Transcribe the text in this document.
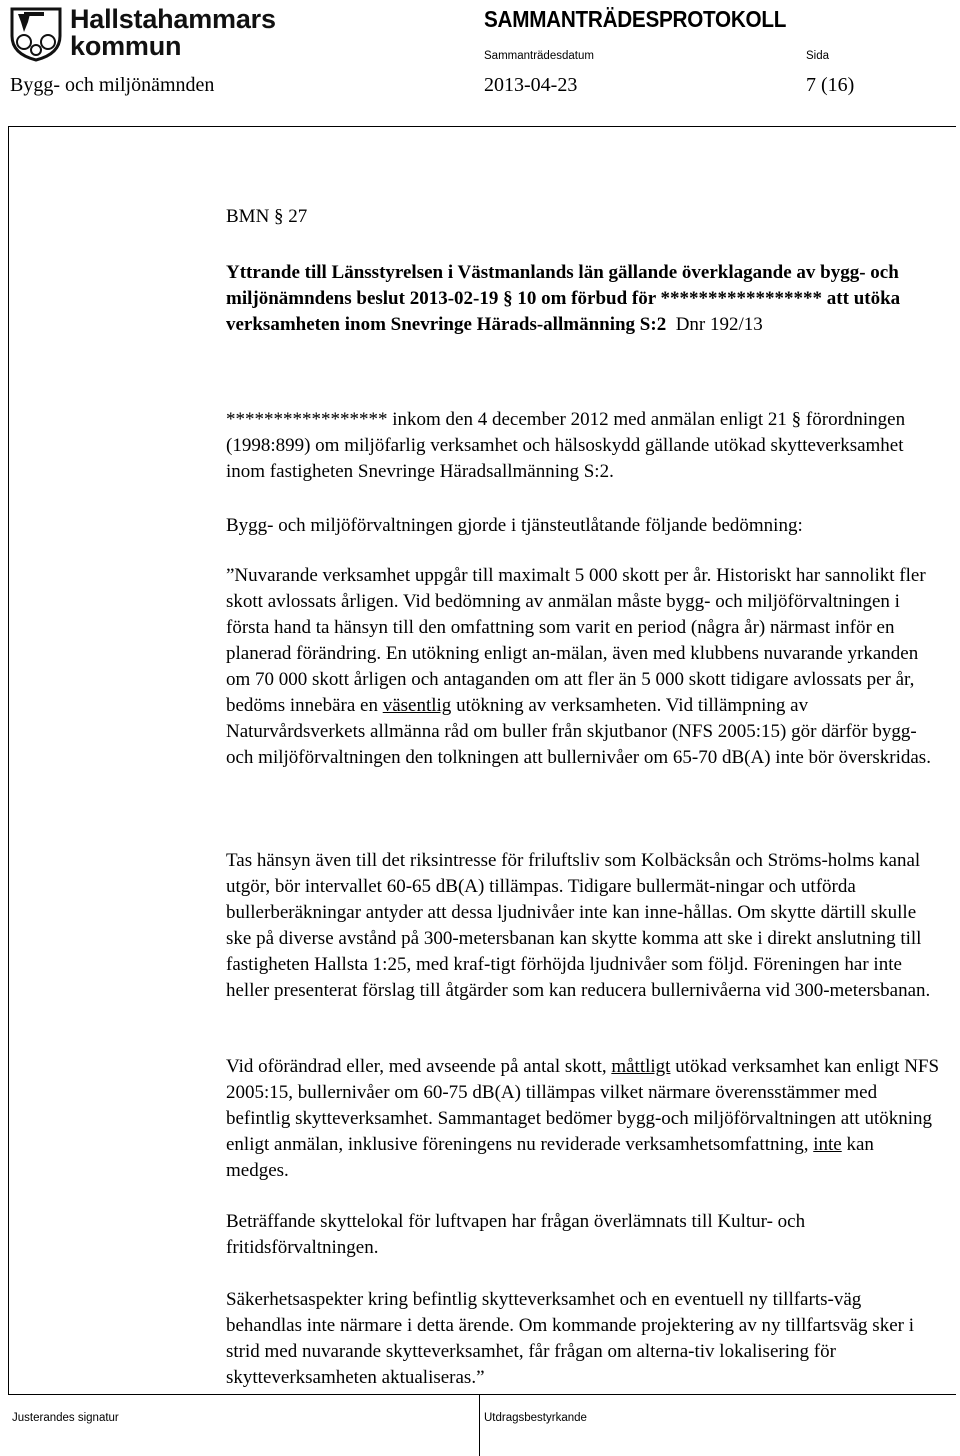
Hallstahammars
kommun
SAMMANTRÄDESPROTOKOLL
Sammanträdesdatum	Sida
Bygg- och miljönämnden	2013-04-23	7 (16)
BMN § 27
Yttrande till Länsstyrelsen i Västmanlands län gällande överklagande av bygg- och miljönämndens beslut 2013-02-19 § 10 om förbud för ***************** att utöka verksamheten inom Snevringe Härads-allmänning S:2 Dnr 192/13

***************** inkom den 4 december 2012 med anmälan enligt 21 § förordningen (1998:899) om miljöfarlig verksamhet och hälsoskydd gällande utökad skytteverksamhet inom fastigheten Snevringe Häradsallmänning S:2.

Bygg- och miljöförvaltningen gjorde i tjänsteutlåtande följande bedömning:

”Nuvarande verksamhet uppgår till maximalt 5 000 skott per år. Historiskt har sannolikt fler skott avlossats årligen. Vid bedömning av anmälan måste bygg- och miljöförvaltningen i första hand ta hänsyn till den omfattning som varit en period (några år) närmast inför en planerad förändring. En utökning enligt an-mälan, även med klubbens nuvarande yrkanden om 70 000 skott årligen och antaganden om att fler än 5 000 skott tidigare avlossats per år, bedöms innebära en väsentlig utökning av verksamheten. Vid tillämpning av Naturvårdsverkets allmänna råd om buller från skjutbanor (NFS 2005:15) gör därför bygg- och miljöförvaltningen den tolkningen att bullernivåer om 65-70 dB(A) inte bör överskridas.

Tas hänsyn även till det riksintresse för friluftsliv som Kolbäcksån och Ströms-holms kanal utgör, bör intervallet 60-65 dB(A) tillämpas. Tidigare bullermät-ningar och utförda bullerberäkningar antyder att dessa ljudnivåer inte kan inne-hållas. Om skytte därtill skulle ske på diverse avstånd på 300-metersbanan kan skytte komma att ske i direkt anslutning till fastigheten Hallsta 1:25, med kraf-tigt förhöjda ljudnivåer som följd. Föreningen har inte heller presenterat förslag till åtgärder som kan reducera bullernivåerna vid 300-metersbanan.

Vid oförändrad eller, med avseende på antal skott, måttligt utökad verksamhet kan enligt NFS 2005:15, bullernivåer om 60-75 dB(A) tillämpas vilket närmare överensstämmer med befintlig skytteverksamhet. Sammantaget bedömer bygg-och miljöförvaltningen att utökning enligt anmälan, inklusive föreningens nu reviderade verksamhetsomfattning, inte kan medges.

Beträffande skyttelokal för luftvapen har frågan överlämnats till Kultur- och fritidsförvaltningen.

Säkerhetsaspekter kring befintlig skytteverksamhet och en eventuell ny tillfarts-väg behandlas inte närmare i detta ärende. Om kommande projektering av ny tillfartsväg sker i strid med nuvarande skytteverksamhet, får frågan om alterna-tiv lokalisering för skytteverksamheten aktualiseras.”

Justerandes signatur	Utdragsbestyrkande
